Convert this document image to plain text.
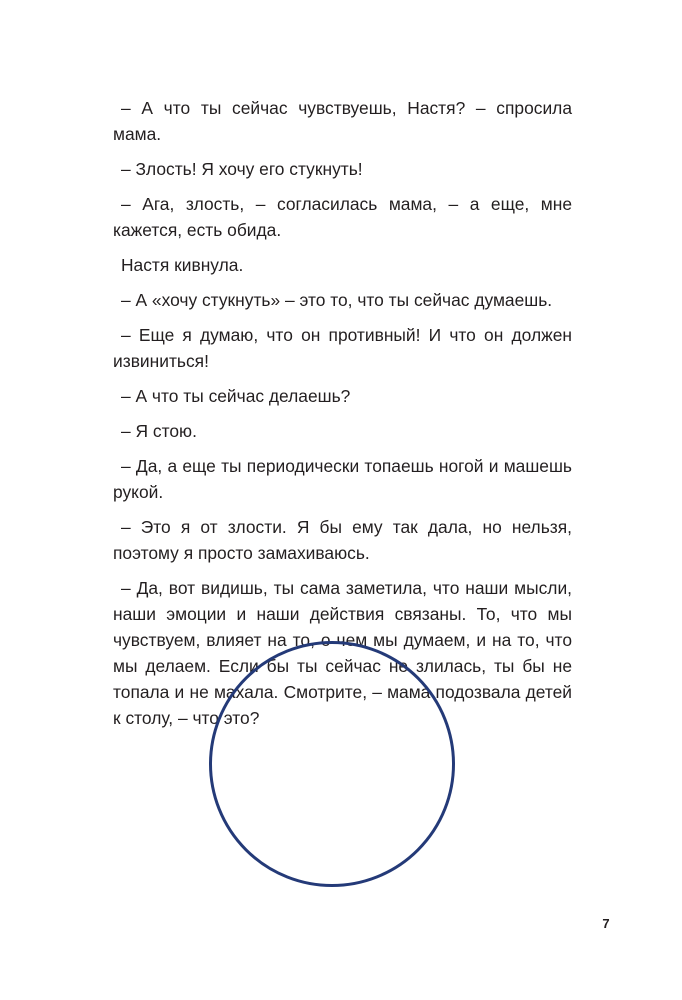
– А что ты сейчас чувствуешь, Настя? – спросила мама.

– Злость! Я хочу его стукнуть!

– Ага, злость, – согласилась мама, – а еще, мне кажется, есть обида.

Настя кивнула.

– А «хочу стукнуть» – это то, что ты сейчас думаешь.

– Еще я думаю, что он противный! И что он должен извиниться!

– А что ты сейчас делаешь?

– Я стою.

– Да, а еще ты периодически топаешь ногой и машешь рукой.

– Это я от злости. Я бы ему так дала, но нельзя, поэтому я просто замахиваюсь.

– Да, вот видишь, ты сама заметила, что наши мысли, наши эмоции и наши действия связаны. То, что мы чувствуем, влияет на то, о чем мы думаем, и на то, что мы делаем. Если бы ты сейчас не злилась, ты бы не топала и не махала. Смотрите, – мама подозвала детей к столу, – что это?

7
